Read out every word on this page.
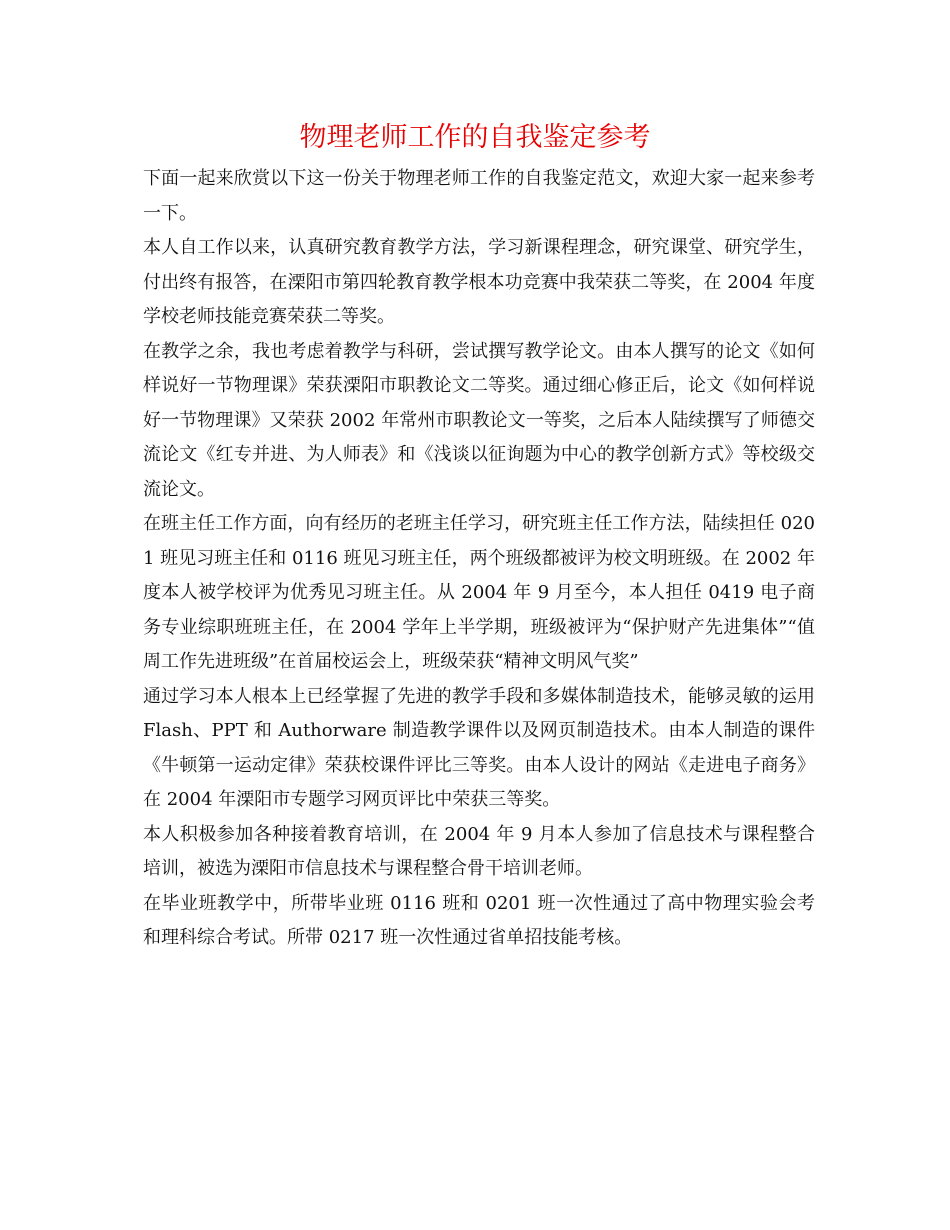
物理老师工作的自我鉴定参考

下面一起来欣赏以下这一份关于物理老师工作的自我鉴定范文，欢迎大家一起来参考一下。

本人自工作以来，认真研究教育教学方法，学习新课程理念，研究课堂、研究学生，付出终有报答，在溧阳市第四轮教育教学根本功竞赛中我荣获二等奖，在 2004 年度学校老师技能竞赛荣获二等奖。

在教学之余，我也考虑着教学与科研，尝试撰写教学论文。由本人撰写的论文《如何样说好一节物理课》荣获溧阳市职教论文二等奖。通过细心修正后，论文《如何样说好一节物理课》又荣获 2002 年常州市职教论文一等奖，之后本人陆续撰写了师德交流论文《红专并进、为人师表》和《浅谈以征询题为中心的教学创新方式》等校级交流论文。

在班主任工作方面，向有经历的老班主任学习，研究班主任工作方法，陆续担任 0201 班见习班主任和 0116 班见习班主任，两个班级都被评为校文明班级。在 2002 年度本人被学校评为优秀见习班主任。从 2004 年 9 月至今，本人担任 0419 电子商务专业综职班班主任，在 2004 学年上半学期，班级被评为“保护财产先进集体”“值周工作先进班级”在首届校运会上，班级荣获“精神文明风气奖”

通过学习本人根本上已经掌握了先进的教学手段和多媒体制造技术，能够灵敏的运用 Flash、PPT 和 Authorware 制造教学课件以及网页制造技术。由本人制造的课件《牛顿第一运动定律》荣获校课件评比三等奖。由本人设计的网站《走进电子商务》在 2004 年溧阳市专题学习网页评比中荣获三等奖。

本人积极参加各种接着教育培训，在 2004 年 9 月本人参加了信息技术与课程整合培训，被选为溧阳市信息技术与课程整合骨干培训老师。

在毕业班教学中，所带毕业班 0116 班和 0201 班一次性通过了高中物理实验会考和理科综合考试。所带 0217 班一次性通过省单招技能考核。
